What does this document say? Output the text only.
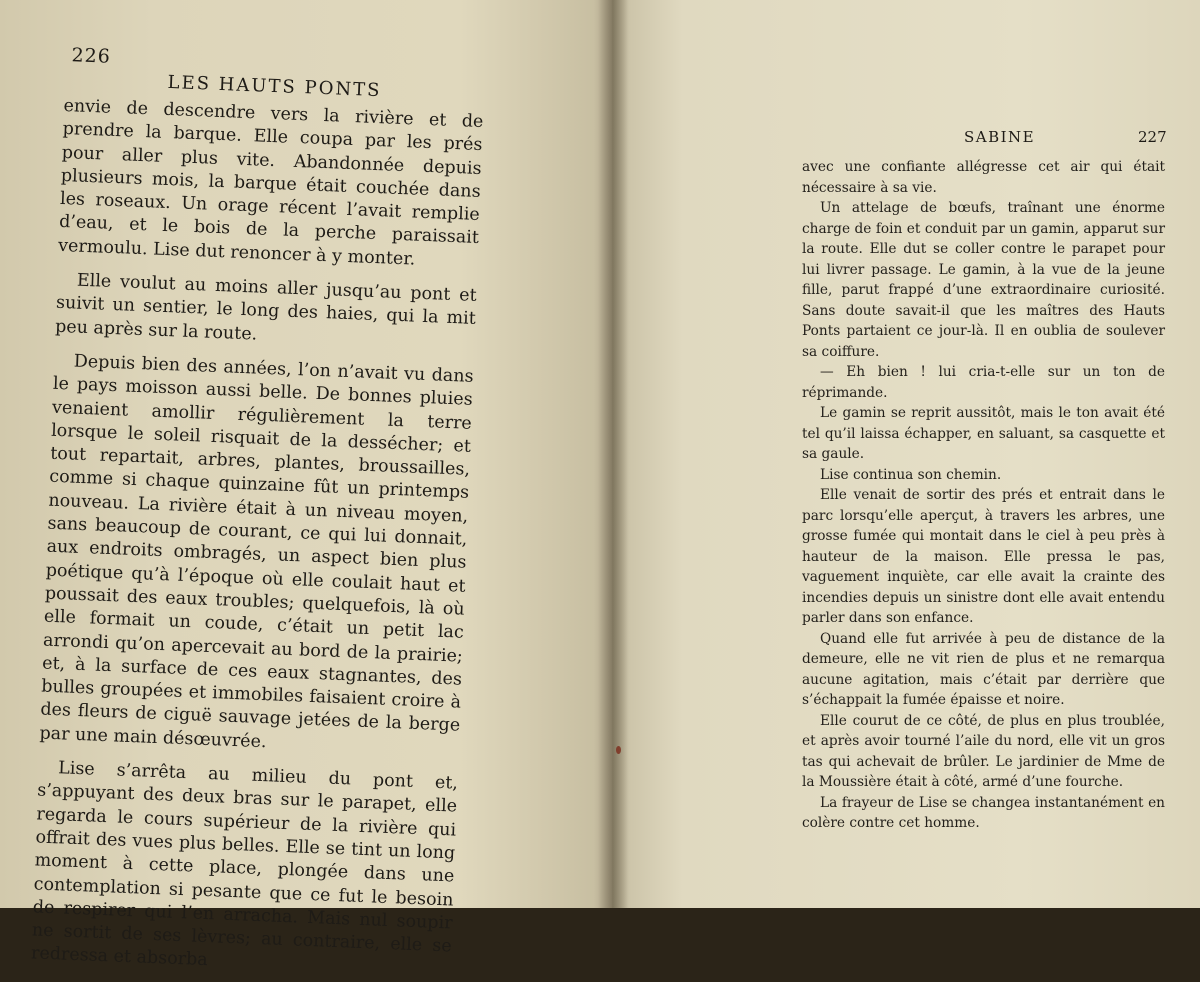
226
LES HAUTS PONTS

envie de descendre vers la rivière et de prendre la barque. Elle coupa par les prés pour aller plus vite. Abandonnée depuis plusieurs mois, la barque était couchée dans les roseaux. Un orage récent l’avait remplie d’eau, et le bois de la perche paraissait vermoulu. Lise dut renoncer à y monter.

Elle voulut au moins aller jusqu’au pont et suivit un sentier, le long des haies, qui la mit peu après sur la route.

Depuis bien des années, l’on n’avait vu dans le pays moisson aussi belle. De bonnes pluies venaient amollir régulièrement la terre lorsque le soleil risquait de la dessécher; et tout repartait, arbres, plantes, broussailles, comme si chaque quinzaine fût un printemps nouveau. La rivière était à un niveau moyen, sans beaucoup de courant, ce qui lui donnait, aux endroits ombragés, un aspect bien plus poétique qu’à l’époque où elle coulait haut et poussait des eaux troubles; quelquefois, là où elle formait un coude, c’était un petit lac arrondi qu’on apercevait au bord de la prairie; et, à la surface de ces eaux stagnantes, des bulles groupées et immobiles faisaient croire à des fleurs de ciguë sauvage jetées de la berge par une main désœuvrée.

Lise s’arrêta au milieu du pont et, s’appuyant des deux bras sur le parapet, elle regarda le cours supérieur de la rivière qui offrait des vues plus belles. Elle se tint un long moment à cette place, plongée dans une contemplation si pesante que ce fut le besoin de respirer qui l’en arracha. Mais nul soupir ne sortit de ses lèvres; au contraire, elle se redressa et absorba

SABINE	227

avec une confiante allégresse cet air qui était nécessaire à sa vie.

Un attelage de bœufs, traînant une énorme charge de foin et conduit par un gamin, apparut sur la route. Elle dut se coller contre le parapet pour lui livrer passage. Le gamin, à la vue de la jeune fille, parut frappé d’une extraordinaire curiosité. Sans doute savait-il que les maîtres des Hauts Ponts partaient ce jour-là. Il en oublia de soulever sa coiffure.

— Eh bien ! lui cria-t-elle sur un ton de réprimande.

Le gamin se reprit aussitôt, mais le ton avait été tel qu’il laissa échapper, en saluant, sa casquette et sa gaule.

Lise continua son chemin.

Elle venait de sortir des prés et entrait dans le parc lorsqu’elle aperçut, à travers les arbres, une grosse fumée qui montait dans le ciel à peu près à hauteur de la maison. Elle pressa le pas, vaguement inquiète, car elle avait la crainte des incendies depuis un sinistre dont elle avait entendu parler dans son enfance.

Quand elle fut arrivée à peu de distance de la demeure, elle ne vit rien de plus et ne remarqua aucune agitation, mais c’était par derrière que s’échappait la fumée épaisse et noire.

Elle courut de ce côté, de plus en plus troublée, et après avoir tourné l’aile du nord, elle vit un gros tas qui achevait de brûler. Le jardinier de Mme de la Moussière était à côté, armé d’une fourche.

La frayeur de Lise se changea instantanément en colère contre cet homme.
